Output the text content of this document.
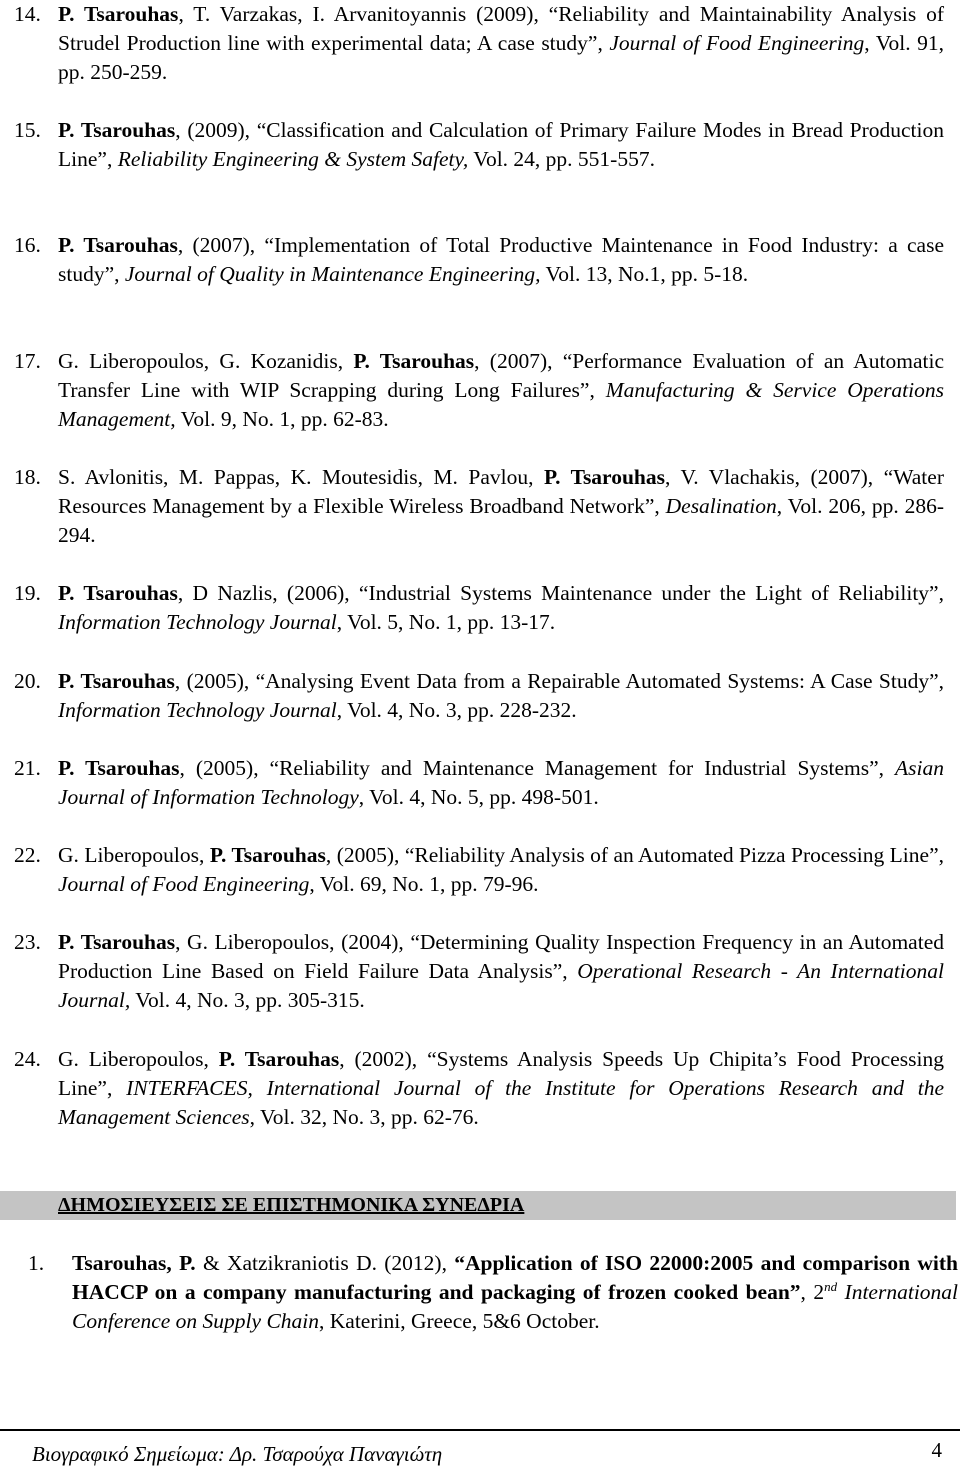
14. P. Tsarouhas, T. Varzakas, I. Arvanitoyannis (2009), “Reliability and Maintainability Analysis of Strudel Production line with experimental data; A case study”, Journal of Food Engineering, Vol. 91, pp. 250-259.
15. P. Tsarouhas, (2009), “Classification and Calculation of Primary Failure Modes in Bread Production Line”, Reliability Engineering & System Safety, Vol. 24, pp. 551-557.
16. P. Tsarouhas, (2007), “Implementation of Total Productive Maintenance in Food Industry: a case study”, Journal of Quality in Maintenance Engineering, Vol. 13, No.1, pp. 5-18.
17. G. Liberopoulos, G. Kozanidis, P. Tsarouhas, (2007), “Performance Evaluation of an Automatic Transfer Line with WIP Scrapping during Long Failures”, Manufacturing & Service Operations Management, Vol. 9, No. 1, pp. 62-83.
18. S. Avlonitis, M. Pappas, K. Moutesidis, M. Pavlou, P. Tsarouhas, V. Vlachakis, (2007), “Water Resources Management by a Flexible Wireless Broadband Network”, Desalination, Vol. 206, pp. 286-294.
19. P. Tsarouhas, D Nazlis, (2006), “Industrial Systems Maintenance under the Light of Reliability”, Information Technology Journal, Vol. 5, No. 1, pp. 13-17.
20. P. Tsarouhas, (2005), “Analysing Event Data from a Repairable Automated Systems: A Case Study”, Information Technology Journal, Vol. 4, No. 3, pp. 228-232.
21. P. Tsarouhas, (2005), “Reliability and Maintenance Management for Industrial Systems”, Asian Journal of Information Technology, Vol. 4, No. 5, pp. 498-501.
22. G. Liberopoulos, P. Tsarouhas, (2005), “Reliability Analysis of an Automated Pizza Processing Line”, Journal of Food Engineering, Vol. 69, No. 1, pp. 79-96.
23. P. Tsarouhas, G. Liberopoulos, (2004), “Determining Quality Inspection Frequency in an Automated Production Line Based on Field Failure Data Analysis”, Operational Research - An International Journal, Vol. 4, No. 3, pp. 305-315.
24. G. Liberopoulos, P. Tsarouhas, (2002), “Systems Analysis Speeds Up Chipita’s Food Processing Line”, INTERFACES, International Journal of the Institute for Operations Research and the Management Sciences, Vol. 32, No. 3, pp. 62-76.
ΔΗΜΟΣΙΕΥΣΕΙΣ ΣΕ ΕΠΙΣΤΗΜΟΝΙΚΑ ΣΥΝΕΔΡΙΑ
1. Tsarouhas, P. & Xatzikraniotis D. (2012), “Application of ISO 22000:2005 and comparison with HACCP on a company manufacturing and packaging of frozen cooked bean”, 2nd International Conference on Supply Chain, Katerini, Greece, 5&6 October.
Βιογραφικό Σημείωμα: Δρ. Τσαρούχα Παναγιώτη	4
